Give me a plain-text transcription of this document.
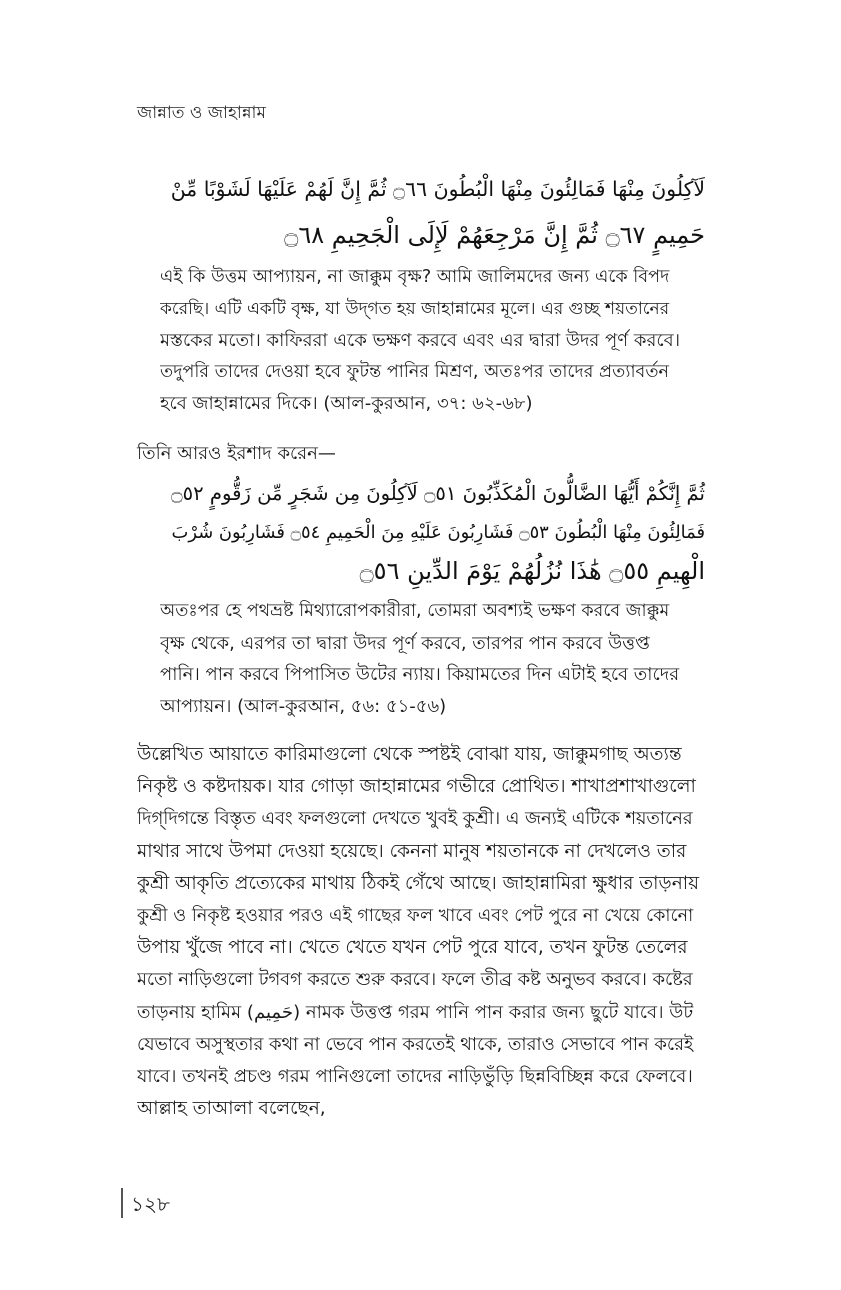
জান্নাত ও জাহান্নাম
لَآكِلُونَ مِنْهَا فَمَالِئُونَ مِنْهَا الْبُطُونَ ۝٦٦ ثُمَّ إِنَّ لَهُمْ عَلَيْهَا لَشَوْبًا مِّنْ
حَمِيمٍ ۝٦٧ ثُمَّ إِنَّ مَرْجِعَهُمْ لَإِلَى الْجَحِيمِ ۝٦٨
এই কি উত্তম আপ্যায়ন, না জাক্কুম বৃক্ষ? আমি জালিমদের জন্য একে বিপদ
করেছি। এটি একটি বৃক্ষ, যা উদ্‌গত হয় জাহান্নামের মূলে। এর গুচ্ছ শয়তানের
মস্তকের মতো। কাফিররা একে ভক্ষণ করবে এবং এর দ্বারা উদর পূর্ণ করবে।
তদুপরি তাদের দেওয়া হবে ফুটন্ত পানির মিশ্রণ, অতঃপর তাদের প্রত্যাবর্তন
হবে জাহান্নামের দিকে। (আল-কুরআন, ৩৭: ৬২-৬৮)
তিনি আরও ইরশাদ করেন—
ثُمَّ إِنَّكُمْ أَيُّهَا الضَّالُّونَ الْمُكَذِّبُونَ ۝٥١ لَآكِلُونَ مِن شَجَرٍ مِّن زَقُّومٍ ۝٥٢
فَمَالِئُونَ مِنْهَا الْبُطُونَ ۝٥٣ فَشَارِبُونَ عَلَيْهِ مِنَ الْحَمِيمِ ۝٥٤ فَشَارِبُونَ شُرْبَ
الْهِيمِ ۝٥٥ هَٰذَا نُزُلُهُمْ يَوْمَ الدِّينِ ۝٥٦
অতঃপর হে পথভ্রষ্ট মিথ্যারোপকারীরা, তোমরা অবশ্যই ভক্ষণ করবে জাক্কুম
বৃক্ষ থেকে, এরপর তা দ্বারা উদর পূর্ণ করবে, তারপর পান করবে উত্তপ্ত
পানি। পান করবে পিপাসিত উটের ন্যায়। কিয়ামতের দিন এটাই হবে তাদের
আপ্যায়ন। (আল-কুরআন, ৫৬: ৫১-৫৬)
উল্লেখিত আয়াতে কারিমাগুলো থেকে স্পষ্টই বোঝা যায়, জাক্কুমগাছ অত্যন্ত
নিকৃষ্ট ও কষ্টদায়ক। যার গোড়া জাহান্নামের গভীরে প্রোথিত। শাখাপ্রশাখাগুলো
দিগ্‌দিগন্তে বিস্তৃত এবং ফলগুলো দেখতে খুবই কুশ্রী। এ জন্যই এটিকে শয়তানের
মাথার সাথে উপমা দেওয়া হয়েছে। কেননা মানুষ শয়তানকে না দেখলেও তার
কুশ্রী আকৃতি প্রত্যেকের মাথায় ঠিকই গেঁথে আছে। জাহান্নামিরা ক্ষুধার তাড়নায়
কুশ্রী ও নিকৃষ্ট হওয়ার পরও এই গাছের ফল খাবে এবং পেট পুরে না খেয়ে কোনো
উপায় খুঁজে পাবে না। খেতে খেতে যখন পেট পুরে যাবে, তখন ফুটন্ত তেলের
মতো নাড়িগুলো টগবগ করতে শুরু করবে। ফলে তীব্র কষ্ট অনুভব করবে। কষ্টের
তাড়নায় হামিম (حَمِيم) নামক উত্তপ্ত গরম পানি পান করার জন্য ছুটে যাবে। উট
যেভাবে অসুস্থতার কথা না ভেবে পান করতেই থাকে, তারাও সেভাবে পান করেই
যাবে। তখনই প্রচণ্ড গরম পানিগুলো তাদের নাড়িভুঁড়ি ছিন্নবিচ্ছিন্ন করে ফেলবে।
আল্লাহ তাআলা বলেছেন,
১২৮
